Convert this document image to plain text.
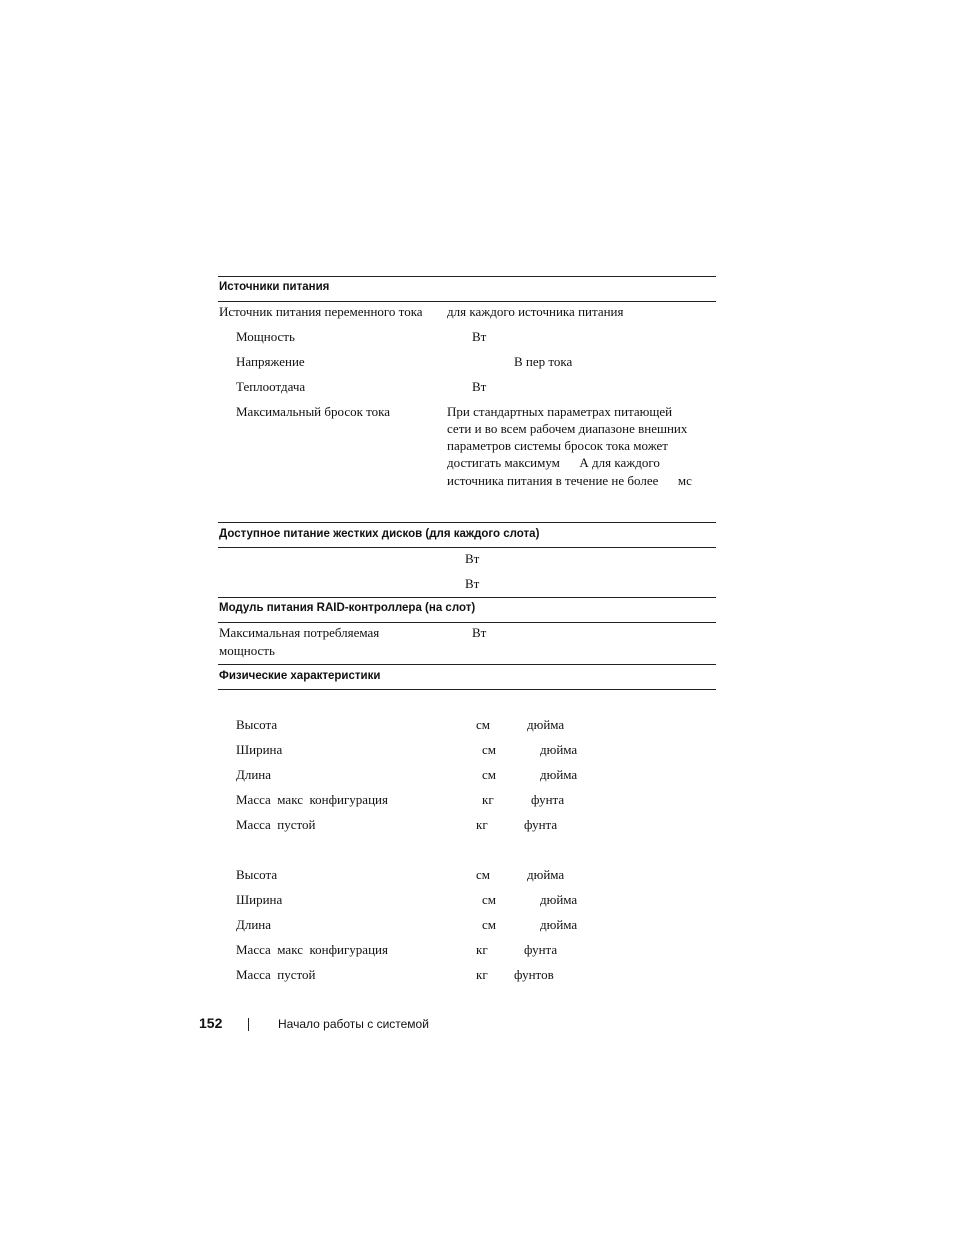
Источники питания
Источник питания переменного тока для каждого источника питания
Мощность	Вт
Напряжение	В пер тока
Теплоотдача	Вт
Максимальный бросок тока	При стандартных параметрах питающей
сети и во всем рабочем диапазоне внешних
параметров системы бросок тока может
достигать максимум      А для каждого
источника питания в течение не более      мс
Доступное питание жестких дисков (для каждого слота)
Вт
Вт
Модуль питания RAID-контроллера (на слот)
Максимальная потребляемая
мощность
Вт
Физические характеристики
Высота	см	дюйма
Ширина	см	дюйма
Длина	см	дюйма
Масса  макс  конфигурация	кг	фунта
Масса  пустой	кг	фунта
Высота	см	дюйма
Ширина	см	дюйма
Длина	см	дюйма
Масса  макс  конфигурация	кг	фунта
Масса  пустой	кг фунтов
152	Начало работы с системой
